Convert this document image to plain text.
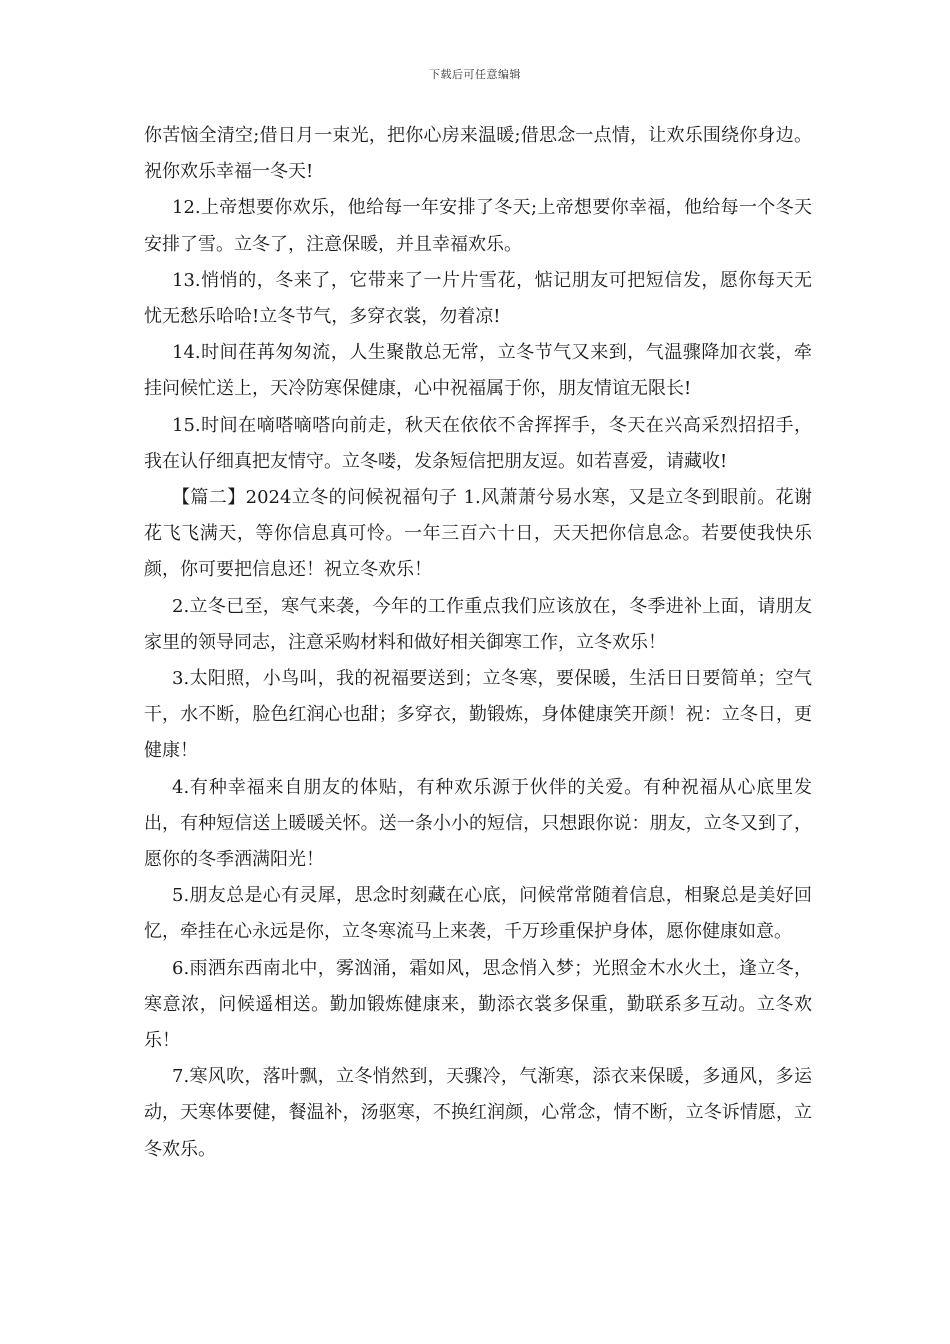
下载后可任意编辑

你苦恼全清空;借日月一束光，把你心房来温暖;借思念一点情，让欢乐围绕你身边。祝你欢乐幸福一冬天!

12.上帝想要你欢乐，他给每一年安排了冬天;上帝想要你幸福，他给每一个冬天安排了雪。立冬了，注意保暖，并且幸福欢乐。

13.悄悄的，冬来了，它带来了一片片雪花，惦记朋友可把短信发，愿你每天无忧无愁乐哈哈!立冬节气，多穿衣裳，勿着凉!

14.时间荏苒匆匆流，人生聚散总无常，立冬节气又来到，气温骤降加衣裳，牵挂问候忙送上，天冷防寒保健康，心中祝福属于你，朋友情谊无限长!

15.时间在嘀嗒嘀嗒向前走，秋天在依依不舍挥挥手，冬天在兴高采烈招招手，我在认仔细真把友情守。立冬喽，发条短信把朋友逗。如若喜爱，请藏收!

【篇二】2024立冬的问候祝福句子 1.风萧萧兮易水寒，又是立冬到眼前。花谢花飞飞满天，等你信息真可怜。一年三百六十日，天天把你信息念。若要使我快乐颜，你可要把信息还！祝立冬欢乐！

2.立冬已至，寒气来袭，今年的工作重点我们应该放在，冬季进补上面，请朋友家里的领导同志，注意采购材料和做好相关御寒工作，立冬欢乐！

3.太阳照，小鸟叫，我的祝福要送到；立冬寒，要保暖，生活日日要简单；空气干，水不断，脸色红润心也甜；多穿衣，勤锻炼，身体健康笑开颜！祝：立冬日，更健康！

4.有种幸福来自朋友的体贴，有种欢乐源于伙伴的关爱。有种祝福从心底里发出，有种短信送上暖暖关怀。送一条小小的短信，只想跟你说：朋友，立冬又到了，愿你的冬季洒满阳光！

5.朋友总是心有灵犀，思念时刻藏在心底，问候常常随着信息，相聚总是美好回忆，牵挂在心永远是你，立冬寒流马上来袭，千万珍重保护身体，愿你健康如意。

6.雨洒东西南北中，雾汹涌，霜如风，思念悄入梦；光照金木水火土，逢立冬，寒意浓，问候遥相送。勤加锻炼健康来，勤添衣裳多保重，勤联系多互动。立冬欢乐！

7.寒风吹，落叶飘，立冬悄然到，天骤冷，气渐寒，添衣来保暖，多通风，多运动，天寒体要健，餐温补，汤驱寒，不换红润颜，心常念，情不断，立冬诉情愿，立冬欢乐。
